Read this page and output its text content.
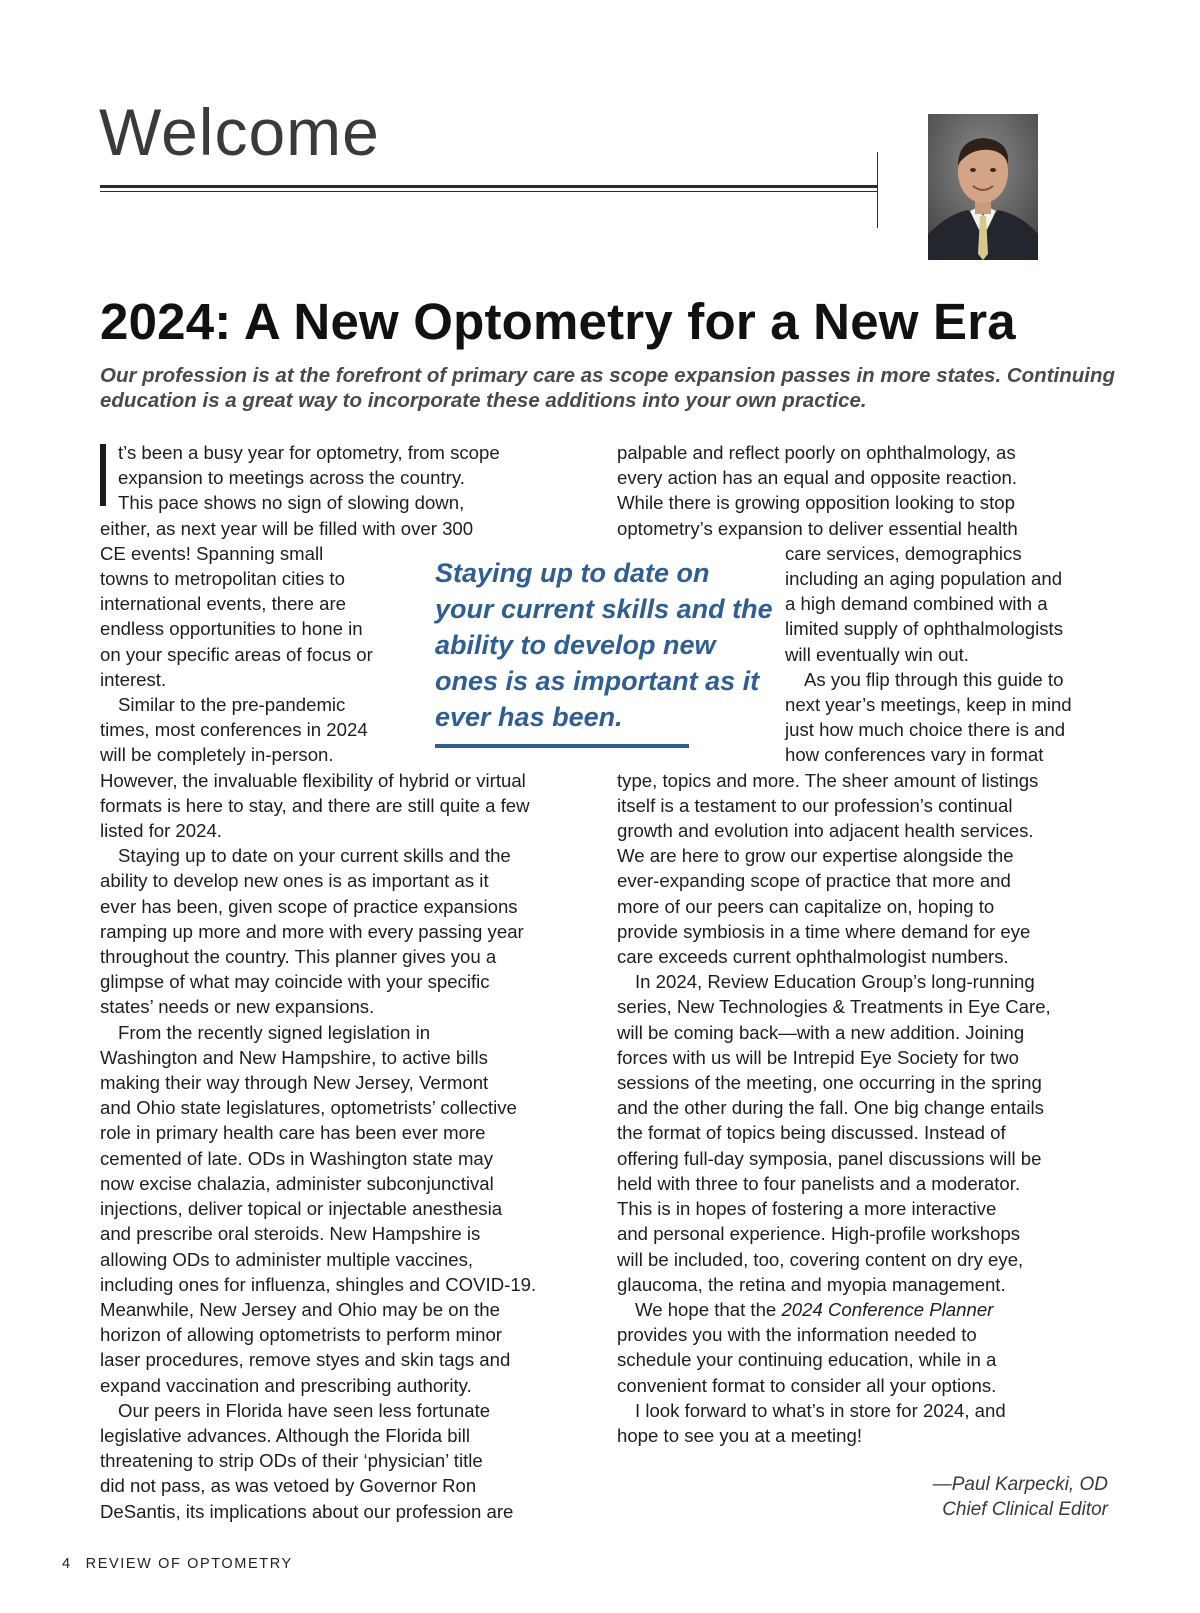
Welcome
2024: A New Optometry for a New Era

Our profession is at the forefront of primary care as scope expansion passes in more states. Continuing education is a great way to incorporate these additions into your own practice.

t’s been a busy year for optometry, from scope
expansion to meetings across the country.
This pace shows no sign of slowing down,
either, as next year will be filled with over 300
CE events! Spanning small
towns to metropolitan cities to
international events, there are
endless opportunities to hone in
on your specific areas of focus or
interest.

Similar to the pre-pandemic
times, most conferences in 2024
will be completely in-person.
However, the invaluable flexibility of hybrid or virtual
formats is here to stay, and there are still quite a few
listed for 2024.

Staying up to date on your current skills and the
ability to develop new ones is as important as it
ever has been, given scope of practice expansions
ramping up more and more with every passing year
throughout the country. This planner gives you a
glimpse of what may coincide with your specific
states’ needs or new expansions.

From the recently signed legislation in
Washington and New Hampshire, to active bills
making their way through New Jersey, Vermont
and Ohio state legislatures, optometrists’ collective
role in primary health care has been ever more
cemented of late. ODs in Washington state may
now excise chalazia, administer subconjunctival
injections, deliver topical or injectable anesthesia
and prescribe oral steroids. New Hampshire is
allowing ODs to administer multiple vaccines,
including ones for influenza, shingles and COVID-19.
Meanwhile, New Jersey and Ohio may be on the
horizon of allowing optometrists to perform minor
laser procedures, remove styes and skin tags and
expand vaccination and prescribing authority.

Our peers in Florida have seen less fortunate
legislative advances. Although the Florida bill
threatening to strip ODs of their ‘physician’ title
did not pass, as was vetoed by Governor Ron
DeSantis, its implications about our profession are

Staying up to date on your current skills and the ability to develop new ones is as important as it ever has been.

palpable and reflect poorly on ophthalmology, as
every action has an equal and opposite reaction.
While there is growing opposition looking to stop
optometry’s expansion to deliver essential health
care services, demographics
including an aging population and
a high demand combined with a
limited supply of ophthalmologists
will eventually win out.

As you flip through this guide to
next year’s meetings, keep in mind
just how much choice there is and
how conferences vary in format
type, topics and more. The sheer amount of listings
itself is a testament to our profession’s continual
growth and evolution into adjacent health services.
We are here to grow our expertise alongside the
ever-expanding scope of practice that more and
more of our peers can capitalize on, hoping to
provide symbiosis in a time where demand for eye
care exceeds current ophthalmologist numbers.

In 2024, Review Education Group’s long-running
series, New Technologies & Treatments in Eye Care,
will be coming back—with a new addition. Joining
forces with us will be Intrepid Eye Society for two
sessions of the meeting, one occurring in the spring
and the other during the fall. One big change entails
the format of topics being discussed. Instead of
offering full-day symposia, panel discussions will be
held with three to four panelists and a moderator.
This is in hopes of fostering a more interactive
and personal experience. High-profile workshops
will be included, too, covering content on dry eye,
glaucoma, the retina and myopia management.

We hope that the 2024 Conference Planner
provides you with the information needed to
schedule your continuing education, while in a
convenient format to consider all your options.

I look forward to what’s in store for 2024, and
hope to see you at a meeting!

—Paul Karpecki, OD
Chief Clinical Editor
4 REVIEW OF OPTOMETRY
